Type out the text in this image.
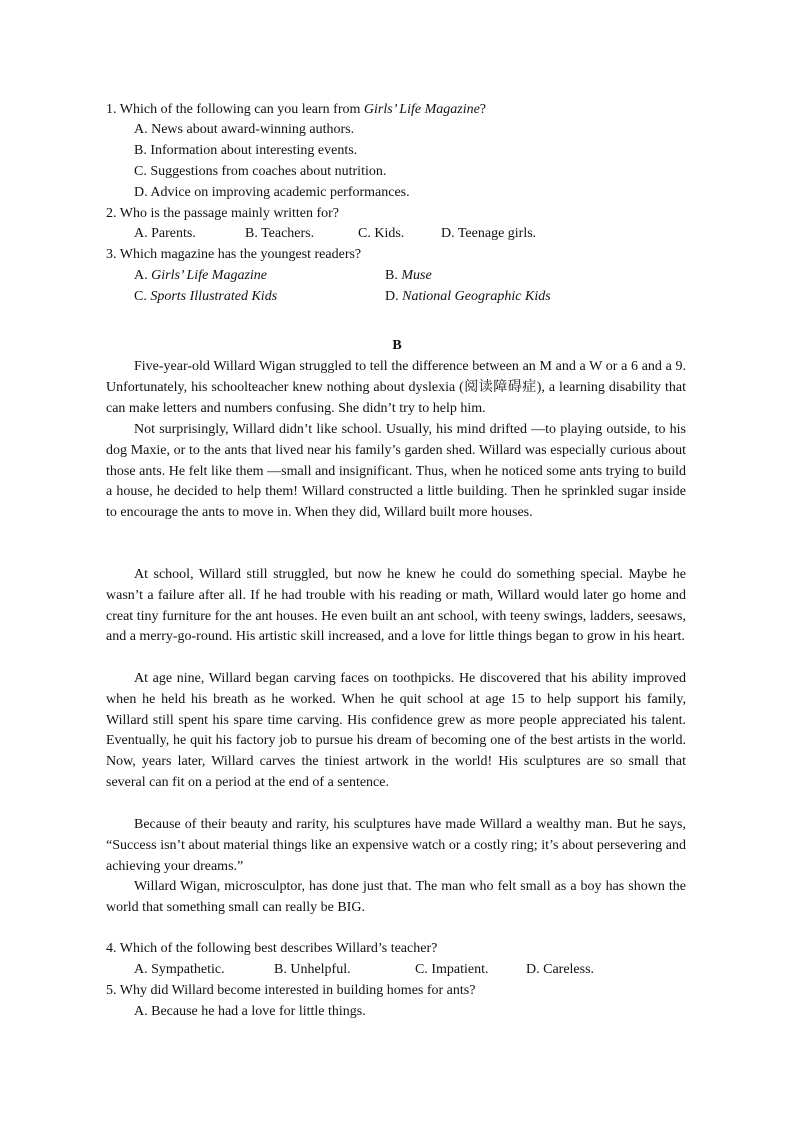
1. Which of the following can you learn from Girls’ Life Magazine?
A. News about award-winning authors.
B. Information about interesting events.
C. Suggestions from coaches about nutrition.
D. Advice on improving academic performances.
2. Who is the passage mainly written for?
A. Parents.	B. Teachers.	C. Kids.	D. Teenage girls.
3. Which magazine has the youngest readers?
A. Girls’ Life Magazine	B. Muse
C. Sports Illustrated Kids	D. National Geographic Kids
B
Five-year-old Willard Wigan struggled to tell the difference between an M and a W or a 6 and a 9. Unfortunately, his schoolteacher knew nothing about dyslexia (阅读障碍症), a learning disability that can make letters and numbers confusing. She didn’t try to help him.
Not surprisingly, Willard didn’t like school. Usually, his mind drifted —to playing outside, to his dog Maxie, or to the ants that lived near his family’s garden shed. Willard was especially curious about those ants. He felt like them —small and insignificant. Thus, when he noticed some ants trying to build a house, he decided to help them! Willard constructed a little building. Then he sprinkled sugar inside to encourage the ants to move in. When they did, Willard built more houses.
At school, Willard still struggled, but now he knew he could do something special. Maybe he wasn’t a failure after all. If he had trouble with his reading or math, Willard would later go home and creat tiny furniture for the ant houses. He even built an ant school, with teeny swings, ladders, seesaws, and a merry-go-round. His artistic skill increased, and a love for little things began to grow in his heart.
At age nine, Willard began carving faces on toothpicks. He discovered that his ability improved when he held his breath as he worked. When he quit school at age 15 to help support his family, Willard still spent his spare time carving. His confidence grew as more people appreciated his talent. Eventually, he quit his factory job to pursue his dream of becoming one of the best artists in the world. Now, years later, Willard carves the tiniest artwork in the world! His sculptures are so small that several can fit on a period at the end of a sentence.
Because of their beauty and rarity, his sculptures have made Willard a wealthy man. But he says, “Success isn’t about material things like an expensive watch or a costly ring; it’s about persevering and achieving your dreams.”
Willard Wigan, microsculptor, has done just that. The man who felt small as a boy has shown the world that something small can really be BIG.
4. Which of the following best describes Willard’s teacher?
A. Sympathetic.	B. Unhelpful.	C. Impatient.	D. Careless.
5. Why did Willard become interested in building homes for ants?
A. Because he had a love for little things.
